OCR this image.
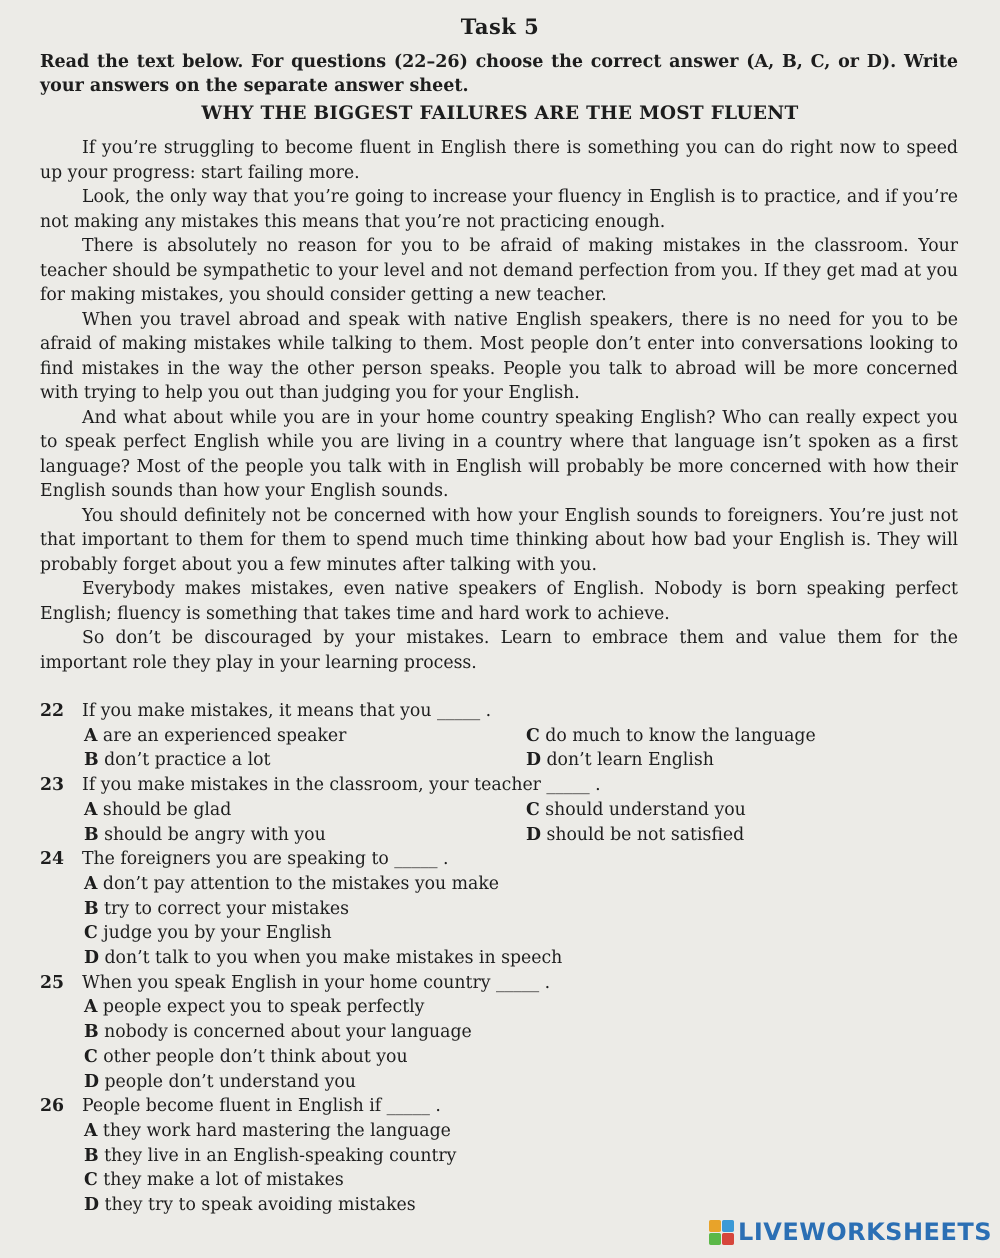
Task 5
Read the text below. For questions (22–26) choose the correct answer (A, B, C, or D). Write your answers on the separate answer sheet.
WHY THE BIGGEST FAILURES ARE THE MOST FLUENT

If you’re struggling to become fluent in English there is something you can do right now to speed up your progress: start failing more.

Look, the only way that you’re going to increase your fluency in English is to practice, and if you’re not making any mistakes this means that you’re not practicing enough.

There is absolutely no reason for you to be afraid of making mistakes in the classroom. Your teacher should be sympathetic to your level and not demand perfection from you. If they get mad at you for making mistakes, you should consider getting a new teacher.

When you travel abroad and speak with native English speakers, there is no need for you to be afraid of making mistakes while talking to them. Most people don’t enter into conversations looking to find mistakes in the way the other person speaks. People you talk to abroad will be more concerned with trying to help you out than judging you for your English.

And what about while you are in your home country speaking English? Who can really expect you to speak perfect English while you are living in a country where that language isn’t spoken as a first language? Most of the people you talk with in English will probably be more concerned with how their English sounds than how your English sounds.

You should definitely not be concerned with how your English sounds to foreigners. You’re just not that important to them for them to spend much time thinking about how bad your English is. They will probably forget about you a few minutes after talking with you.

Everybody makes mistakes, even native speakers of English. Nobody is born speaking perfect English; fluency is something that takes time and hard work to achieve.

So don’t be discouraged by your mistakes. Learn to embrace them and value them for the important role they play in your learning process.

22 If you make mistakes, it means that you _____ .
A are an experienced speaker	C do much to know the language
B don’t practice a lot	D don’t learn English
23 If you make mistakes in the classroom, your teacher _____ .
A should be glad	C should understand you
B should be angry with you	D should be not satisfied
24 The foreigners you are speaking to _____ .
A don’t pay attention to the mistakes you make
B try to correct your mistakes
C judge you by your English
D don’t talk to you when you make mistakes in speech
25 When you speak English in your home country _____ .
A people expect you to speak perfectly
B nobody is concerned about your language
C other people don’t think about you
D people don’t understand you
26 People become fluent in English if _____ .
A they work hard mastering the language
B they live in an English-speaking country
C they make a lot of mistakes
D they try to speak avoiding mistakes
LIVEWORKSHEETS
